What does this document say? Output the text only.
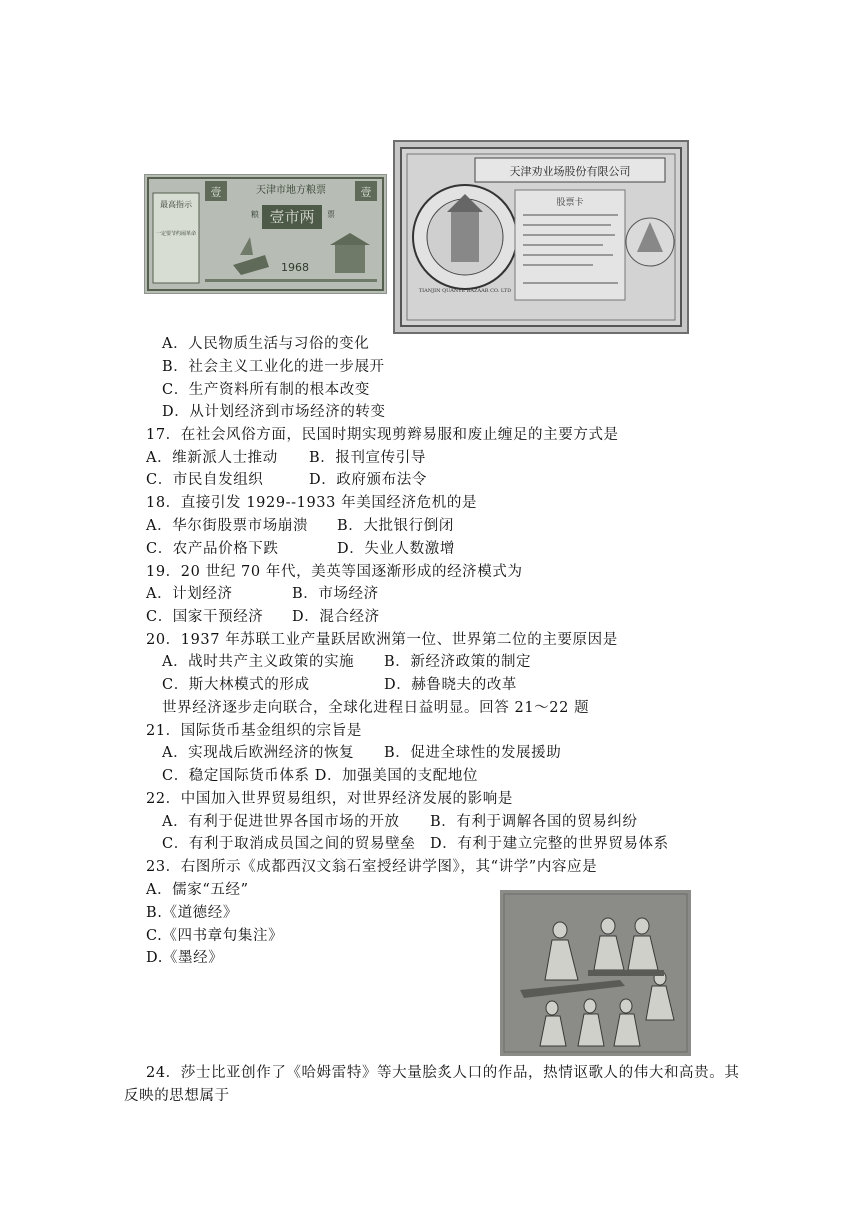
最高指示
一定要节约闹革命
壹	壹
天津市地方粮票
粮	票
壹市两
1968
天津劝业场股份有限公司
TIANJIN QUANYE BAZAAR CO. LTD
股票卡
A．人民物质生活与习俗的变化
B．社会主义工业化的进一步展开
C．生产资料所有制的根本改变
D．从计划经济到市场经济的转变
17．在社会风俗方面，民国时期实现剪辫易服和废止缠足的主要方式是
A．维新派人士推动 B．报刊宣传引导
C．市民自发组织	D．政府颁布法令
18．直接引发 1929--1933 年美国经济危机的是
A．华尔街股票市场崩溃 B．大批银行倒闭
C．农产品价格下跌	D．失业人数激增
19．20 世纪 70 年代，美英等国逐渐形成的经济模式为
A．计划经济	B．市场经济
C．国家干预经济 D．混合经济
20．1937 年苏联工业产量跃居欧洲第一位、世界第二位的主要原因是
A．战时共产主义政策的实施 B．新经济政策的制定
C．斯大林模式的形成	D．赫鲁晓夫的改革
世界经济逐步走向联合，全球化进程日益明显。回答 21～22 题
21．国际货币基金组织的宗旨是
A．实现战后欧洲经济的恢复 B．促进全球性的发展援助
C．稳定国际货币体系 D．加强美国的支配地位
22．中国加入世界贸易组织，对世界经济发展的影响是
A．有利于促进世界各国市场的开放 B．有利于调解各国的贸易纠纷
C．有利于取消成员国之间的贸易壁垒 D．有利于建立完整的世界贸易体系
23．右图所示《成都西汉文翁石室授经讲学图》，其“讲学”内容应是
A．儒家“五经”
B.《道德经》
C.《四书章句集注》
D.《墨经》
24．莎士比亚创作了《哈姆雷特》等大量脍炙人口的作品，热情讴歌人的伟大和高贵。其
反映的思想属于
